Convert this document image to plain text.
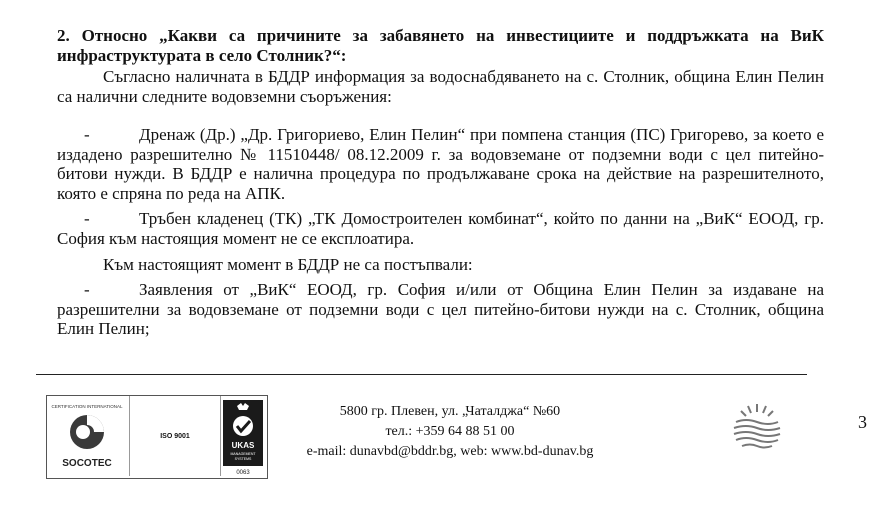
2. Относно „Какви са причините за забавянето на инвестициите и поддръжката на ВиК инфраструктурата в село Столник?“:
Съгласно наличната в БДДР информация за водоснабдяването на с. Столник, община Елин Пелин са налични следните водовземни съоръжения:
-	Дренаж (Др.) „Др. Григориево, Елин Пелин“ при помпена станция (ПС) Григорево, за което е издадено разрешително № 11510448/ 08.12.2009 г. за водовземане от подземни води с цел питейно-битови нужди. В БДДР е налична процедура по продължаване срока на действие на разрешителното, която е спряна по реда на АПК.
-	Тръбен кладенец (ТК) „ТК Домостроителен комбинат“, който по данни на „ВиК“ ЕООД, гр. София към настоящия момент не се експлоатира.
Към настоящият момент в БДДР не са постъпвали:
-	Заявления от „ВиК“ ЕООД, гр. София и/или от Община Елин Пелин за издаване на разрешителни за водовземане от подземни води с цел питейно-битови нужди на с. Столник, община Елин Пелин;
CERTIFICATION INTERNATIONAL
SOCOTEC
ISO 9001
UKAS
MANAGEMENT
SYSTEMS
0063
5800 гр. Плевен, ул. „Чаталджа“ №60
тел.: +359 64 88 51 00
e-mail: dunavbd@bddr.bg, web: www.bd-dunav.bg
3
